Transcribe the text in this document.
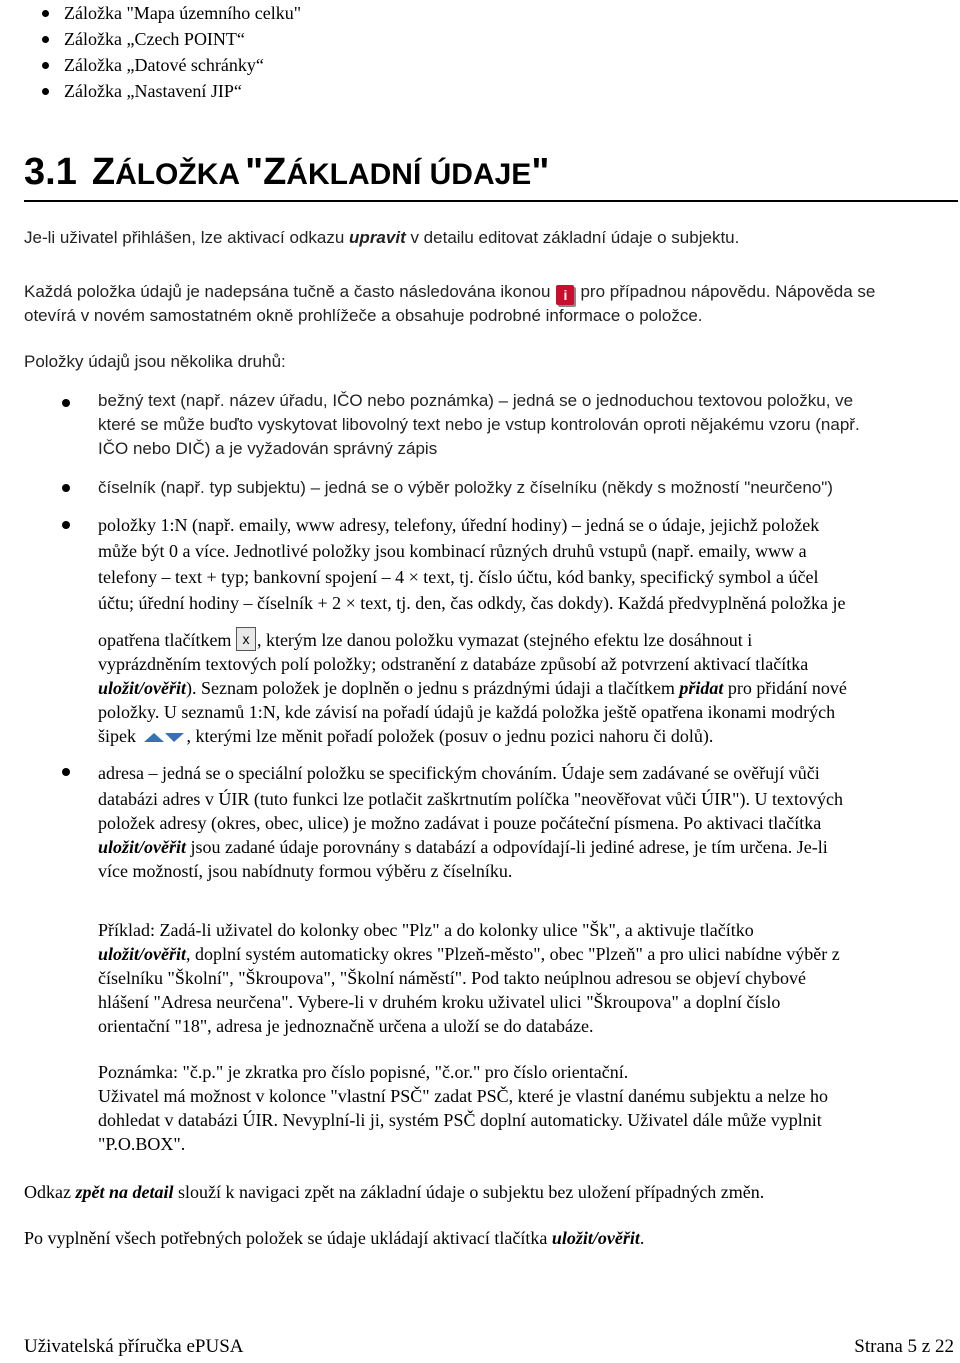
Záložka "Mapa územního celku"
Záložka „Czech POINT“
Záložka „Datové schránky“
Záložka „Nastavení JIP“
3.1 ZÁLOŽKA "ZÁKLADNÍ ÚDAJE"
Je-li uživatel přihlášen, lze aktivací odkazu upravit v detailu editovat základní údaje o subjektu.
Každá položka údajů je nadepsána tučně a často následována ikonou i pro případnou nápovědu. Nápověda se
otevírá v novém samostatném okně prohlížeče a obsahuje podrobné informace o položce.
Položky údajů jsou několika druhů:
bežný text (např. název úřadu, IČO nebo poznámka) – jedná se o jednoduchou textovou položku, ve
které se může buďto vyskytovat libovolný text nebo je vstup kontrolován oproti nějakému vzoru (např.
IČO nebo DIČ) a je vyžadován správný zápis
číselník (např. typ subjektu) – jedná se o výběr položky z číselníku (někdy s možností "neurčeno")
položky 1:N (např. emaily, www adresy, telefony, úřední hodiny) – jedná se o údaje, jejichž položek
může být 0 a více. Jednotlivé položky jsou kombinací různých druhů vstupů (např. emaily, www a
telefony – text + typ; bankovní spojení – 4 × text, tj. číslo účtu, kód banky, specifický symbol a účel
účtu; úřední hodiny – číselník + 2 × text, tj. den, čas odkdy, čas dokdy). Každá předvyplněná položka je
opatřena tlačítkem x , kterým lze danou položku vymazat (stejného efektu lze dosáhnout i
vyprázdněním textových polí položky; odstranění z databáze způsobí až potvrzení aktivací tlačítka
uložit/ověřit). Seznam položek je doplněn o jednu s prázdnými údaji a tlačítkem přidat pro přidání nové
položky. U seznamů 1:N, kde závisí na pořadí údajů je každá položka ještě opatřena ikonami modrých
šipek	, kterými lze měnit pořadí položek (posuv o jednu pozici nahoru či dolů).
adresa – jedná se o speciální položku se specifickým chováním. Údaje sem zadávané se ověřují vůči
databázi adres v ÚIR (tuto funkci lze potlačit zaškrtnutím políčka "neověřovat vůči ÚIR"). U textových
položek adresy (okres, obec, ulice) je možno zadávat i pouze počáteční písmena. Po aktivaci tlačítka
uložit/ověřit jsou zadané údaje porovnány s databází a odpovídají-li jediné adrese, je tím určena. Je-li
více možností, jsou nabídnuty formou výběru z číselníku.
Příklad: Zadá-li uživatel do kolonky obec "Plz" a do kolonky ulice "Šk", a aktivuje tlačítko
uložit/ověřit, doplní systém automaticky okres "Plzeň-město", obec "Plzeň" a pro ulici nabídne výběr z
číselníku "Školní", "Škroupova", "Školní náměstí". Pod takto neúplnou adresou se objeví chybové
hlášení "Adresa neurčena". Vybere-li v druhém kroku uživatel ulici "Škroupova" a doplní číslo
orientační "18", adresa je jednoznačně určena a uloží se do databáze.
Poznámka: "č.p." je zkratka pro číslo popisné, "č.or." pro číslo orientační.
Uživatel má možnost v kolonce "vlastní PSČ" zadat PSČ, které je vlastní danému subjektu a nelze ho
dohledat v databázi ÚIR. Nevyplní-li ji, systém PSČ doplní automaticky. Uživatel dále může vyplnit
"P.O.BOX".
Odkaz zpět na detail slouží k navigaci zpět na základní údaje o subjektu bez uložení případných změn.
Po vyplnění všech potřebných položek se údaje ukládají aktivací tlačítka uložit/ověřit.
Uživatelská příručka ePUSA	Strana 5 z 22
